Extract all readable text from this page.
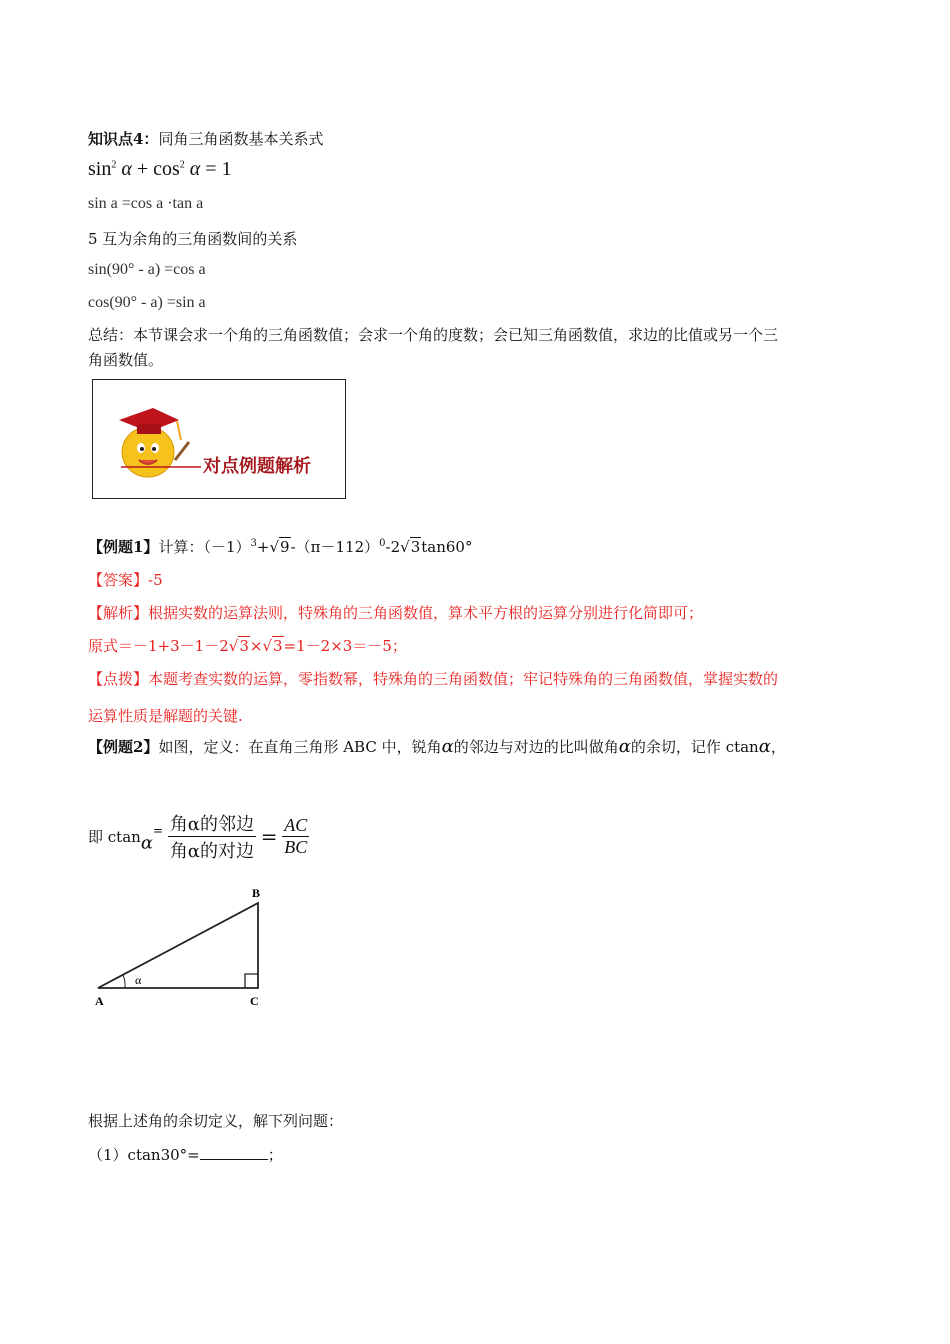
知识点4：同角三角函数基本关系式
$\sin^2 \alpha + \cos^2 \alpha = 1$
sin a =cos a ·tan a
5 互为余角的三角函数间的关系
sin(90° - a) =cos a
cos(90° - a) =sin a
总结：本节课会求一个角的三角函数值；会求一个角的度数；会已知三角函数值，求边的比值或另一个三
角函数值。
对点例题解析
【例题1】计算：$(-1)^3+√9-(\pi-112)^0-2√3\tan 60^\circ$
【答案】-5
【解析】根据实数的运算法则，特殊角的三角函数值，算术平方根的运算分别进行化简即可；
原式＝－1+3－1－2√3×√3=1－2×3＝－5；
【点拨】本题考查实数的运算，零指数幂，特殊角的三角函数值；牢记特殊角的三角函数值，掌握实数的
运算性质是解题的关键.
【例题2】如图，定义：在直角三角形 ABC 中，锐角α的邻边与对边的比叫做角α的余切，记作 ctanα，
即 $ctan\alpha^= \frac{\text{角α的邻边}}{\text{角α的对边}} = \frac{AC}{BC}$
A
B
C
α
根据上述角的余切定义，解下列问题：
（1）ctan30°=	；
